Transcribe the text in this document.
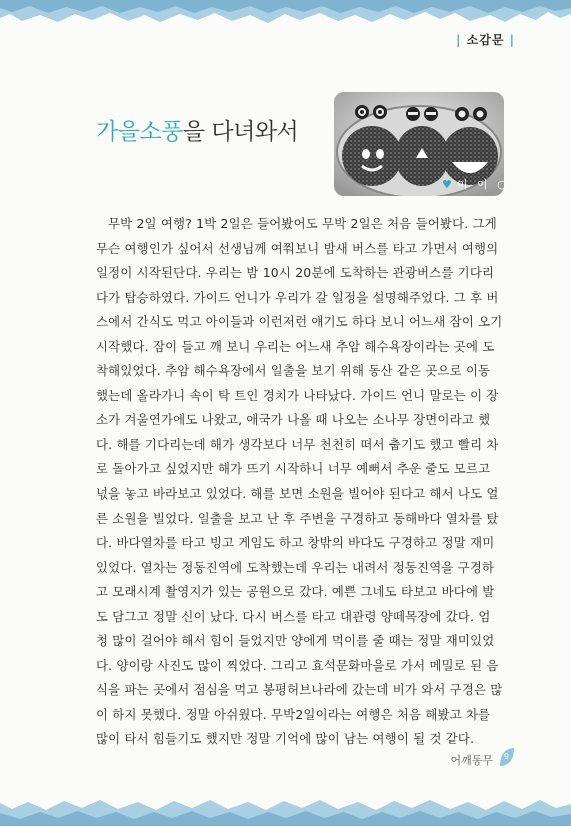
| 소감문 |
가을소풍을 다녀와서
♥ 이 이 ○
무박 2일 여행? 1박 2일은 들어봤어도 무박 2일은 처음 들어봤다. 그게
무슨 여행인가 싶어서 선생님께 여쭤보니 밤새 버스를 타고 가면서 여행의
일정이 시작된단다. 우리는 밤 10시 20분에 도착하는 관광버스를 기다리
다가 탑승하였다. 가이드 언니가 우리가 갈 일정을 설명해주었다. 그 후 버
스에서 간식도 먹고 아이들과 이런저런 얘기도 하다 보니 어느새 잠이 오기
시작했다. 잠이 들고 깨 보니 우리는 어느새 추암 해수욕장이라는 곳에 도
착해있었다. 추암 해수욕장에서 일출을 보기 위해 동산 같은 곳으로 이동
했는데 올라가니 속이 탁 트인 경치가 나타났다. 가이드 언니 말로는 이 장
소가 겨울연가에도 나왔고, 애국가 나올 때 나오는 소나무 장면이라고 했
다. 해를 기다리는데 해가 생각보다 너무 천천히 떠서 춥기도 했고 빨리 차
로 돌아가고 싶었지만 해가 뜨기 시작하니 너무 예뻐서 추운 줄도 모르고
넋을 놓고 바라보고 있었다. 해를 보면 소원을 빌어야 된다고 해서 나도 얼
른 소원을 빌었다. 일출을 보고 난 후 주변을 구경하고 동해바다 열차를 탔
다. 바다열차를 타고 빙고 게임도 하고 창밖의 바다도 구경하고 정말 재미
있었다. 열차는 정동진역에 도착했는데 우리는 내려서 정동진역을 구경하
고 모래시계 촬영지가 있는 공원으로 갔다. 예쁜 그네도 타보고 바다에 발
도 담그고 정말 신이 났다. 다시 버스를 타고 대관령 양떼목장에 갔다. 엄
청 많이 걸어야 해서 힘이 들었지만 양에게 먹이를 줄 때는 정말 재미있었
다. 양이랑 사진도 많이 찍었다. 그리고 효석문화마을로 가서 메밀로 된 음
식을 파는 곳에서 점심을 먹고 봉평허브나라에 갔는데 비가 와서 구경은 많
이 하지 못했다. 정말 아쉬웠다. 무박2일이라는 여행은 처음 해봤고 차를
많이 타서 힘들기도 했지만 정말 기억에 많이 남는 여행이 될 것 같다.
어깨동무 9
